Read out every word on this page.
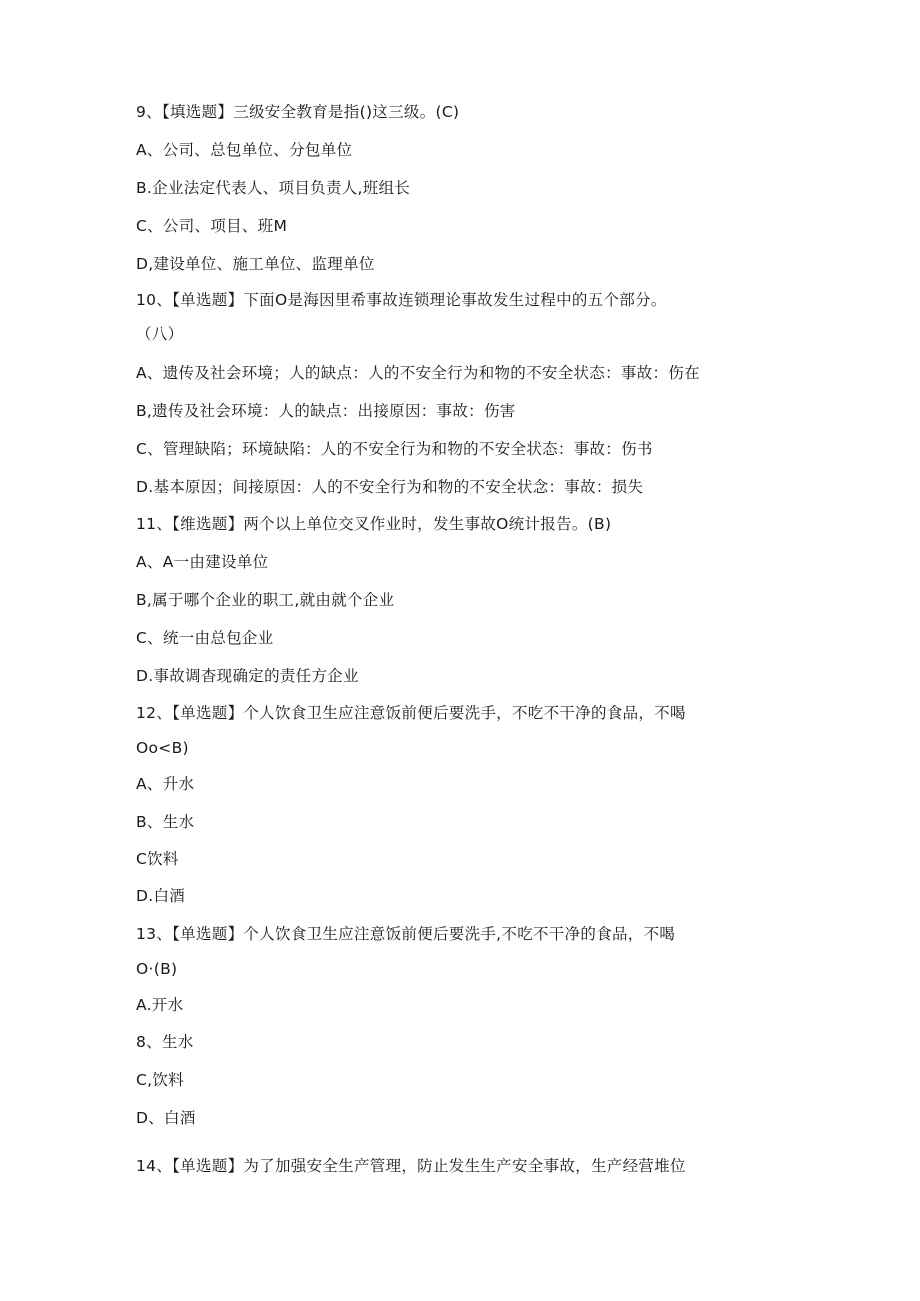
9、【填选题】三级安全教育是指()这三级。(C)
A、公司、总包单位、分包单位
B.企业法定代表人、项目负责人,班组长
C、公司、项目、班M
D,建设单位、施工单位、监理单位
10、【单选题】下面O是海因里希事故连锁理论事故发生过程中的五个部分。
（八）
A、遗传及社会环境；人的缺点：人的不安全行为和物的不安全状态：事故：伤在
B,遗传及社会环境：人的缺点：出接原因：事故：伤害
C、管理缺陷；环境缺陷：人的不安全行为和物的不安全状态：事故：伤书
D.基本原因；间接原因：人的不安全行为和物的不安全状念：事故：损失
11、【维选题】两个以上单位交叉作业时，发生事故O统计报告。(B)
A、A一由建设单位
B,属于哪个企业的职工,就由就个企业
C、统一由总包企业
D.事故调杳现确定的责任方企业
12、【单选题】个人饮食卫生应注意饭前便后要洗手，不吃不干净的食品，不喝
Oo<B)
A、升水
B、生水
C饮料
D.白酒
13、【单选题】个人饮食卫生应注意饭前便后要洗手,不吃不干净的食品，不喝
O·(B)
A.开水
8、生水
C,饮料
D、白酒
14、【单选题】为了加强安全生产管理，防止发生生产安全事故，生产经营堆位
